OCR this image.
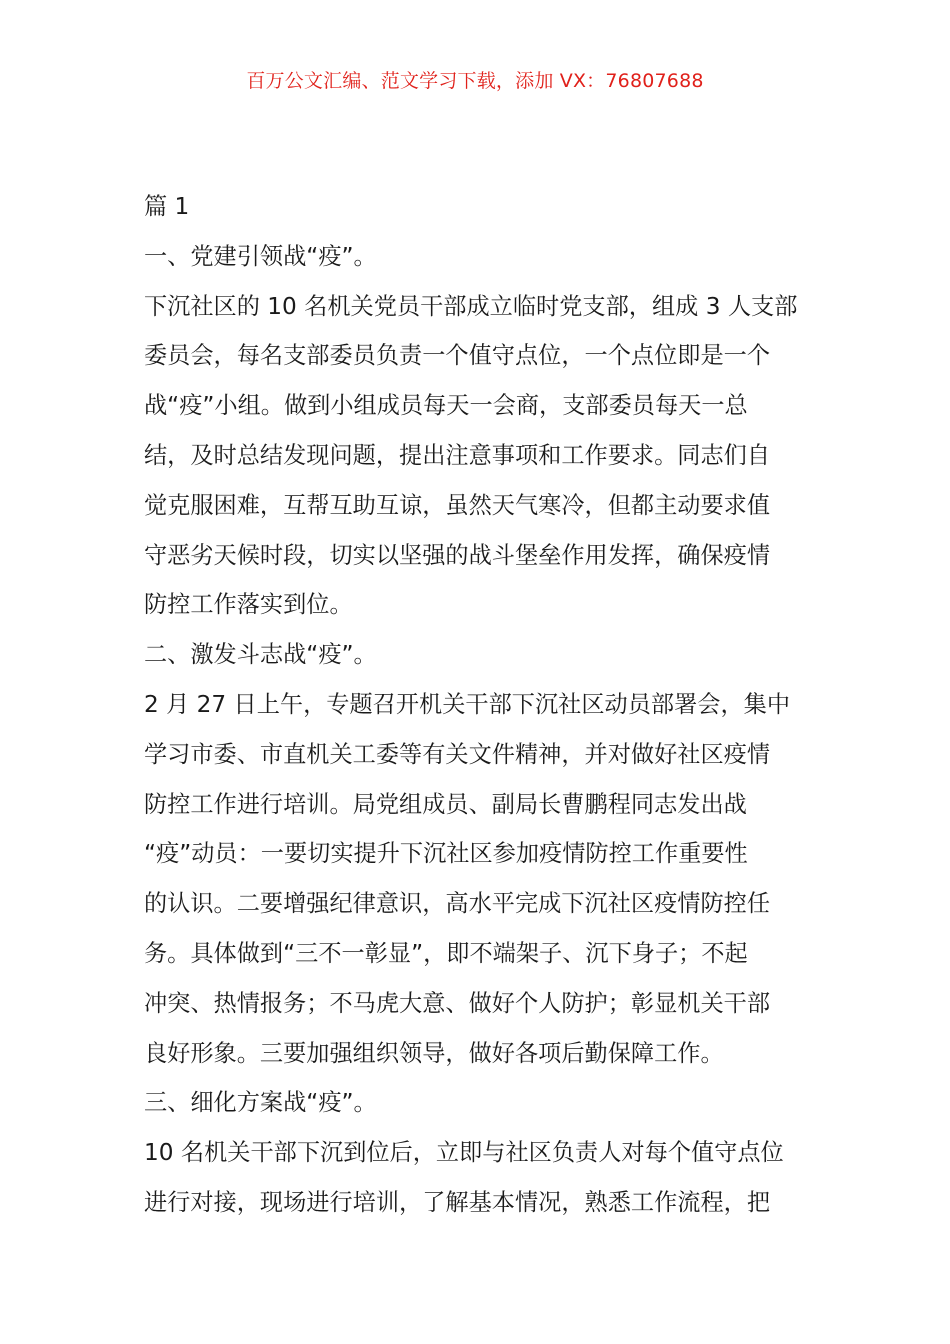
百万公文汇编、范文学习下载，添加 VX：76807688
篇 1
一、党建引领战“疫”。
下沉社区的 10 名机关党员干部成立临时党支部，组成 3 人支部
委员会，每名支部委员负责一个值守点位，一个点位即是一个
战“疫”小组。做到小组成员每天一会商，支部委员每天一总
结，及时总结发现问题，提出注意事项和工作要求。同志们自
觉克服困难，互帮互助互谅，虽然天气寒冷，但都主动要求值
守恶劣天候时段，切实以坚强的战斗堡垒作用发挥，确保疫情
防控工作落实到位。
二、激发斗志战“疫”。
2 月 27 日上午，专题召开机关干部下沉社区动员部署会，集中
学习市委、市直机关工委等有关文件精神，并对做好社区疫情
防控工作进行培训。局党组成员、副局长曹鹏程同志发出战
“疫”动员：一要切实提升下沉社区参加疫情防控工作重要性
的认识。二要增强纪律意识，高水平完成下沉社区疫情防控任
务。具体做到“三不一彰显”，即不端架子、沉下身子；不起
冲突、热情报务；不马虎大意、做好个人防护；彰显机关干部
良好形象。三要加强组织领导，做好各项后勤保障工作。
三、细化方案战“疫”。
10 名机关干部下沉到位后，立即与社区负责人对每个值守点位
进行对接，现场进行培训，了解基本情况，熟悉工作流程，把
